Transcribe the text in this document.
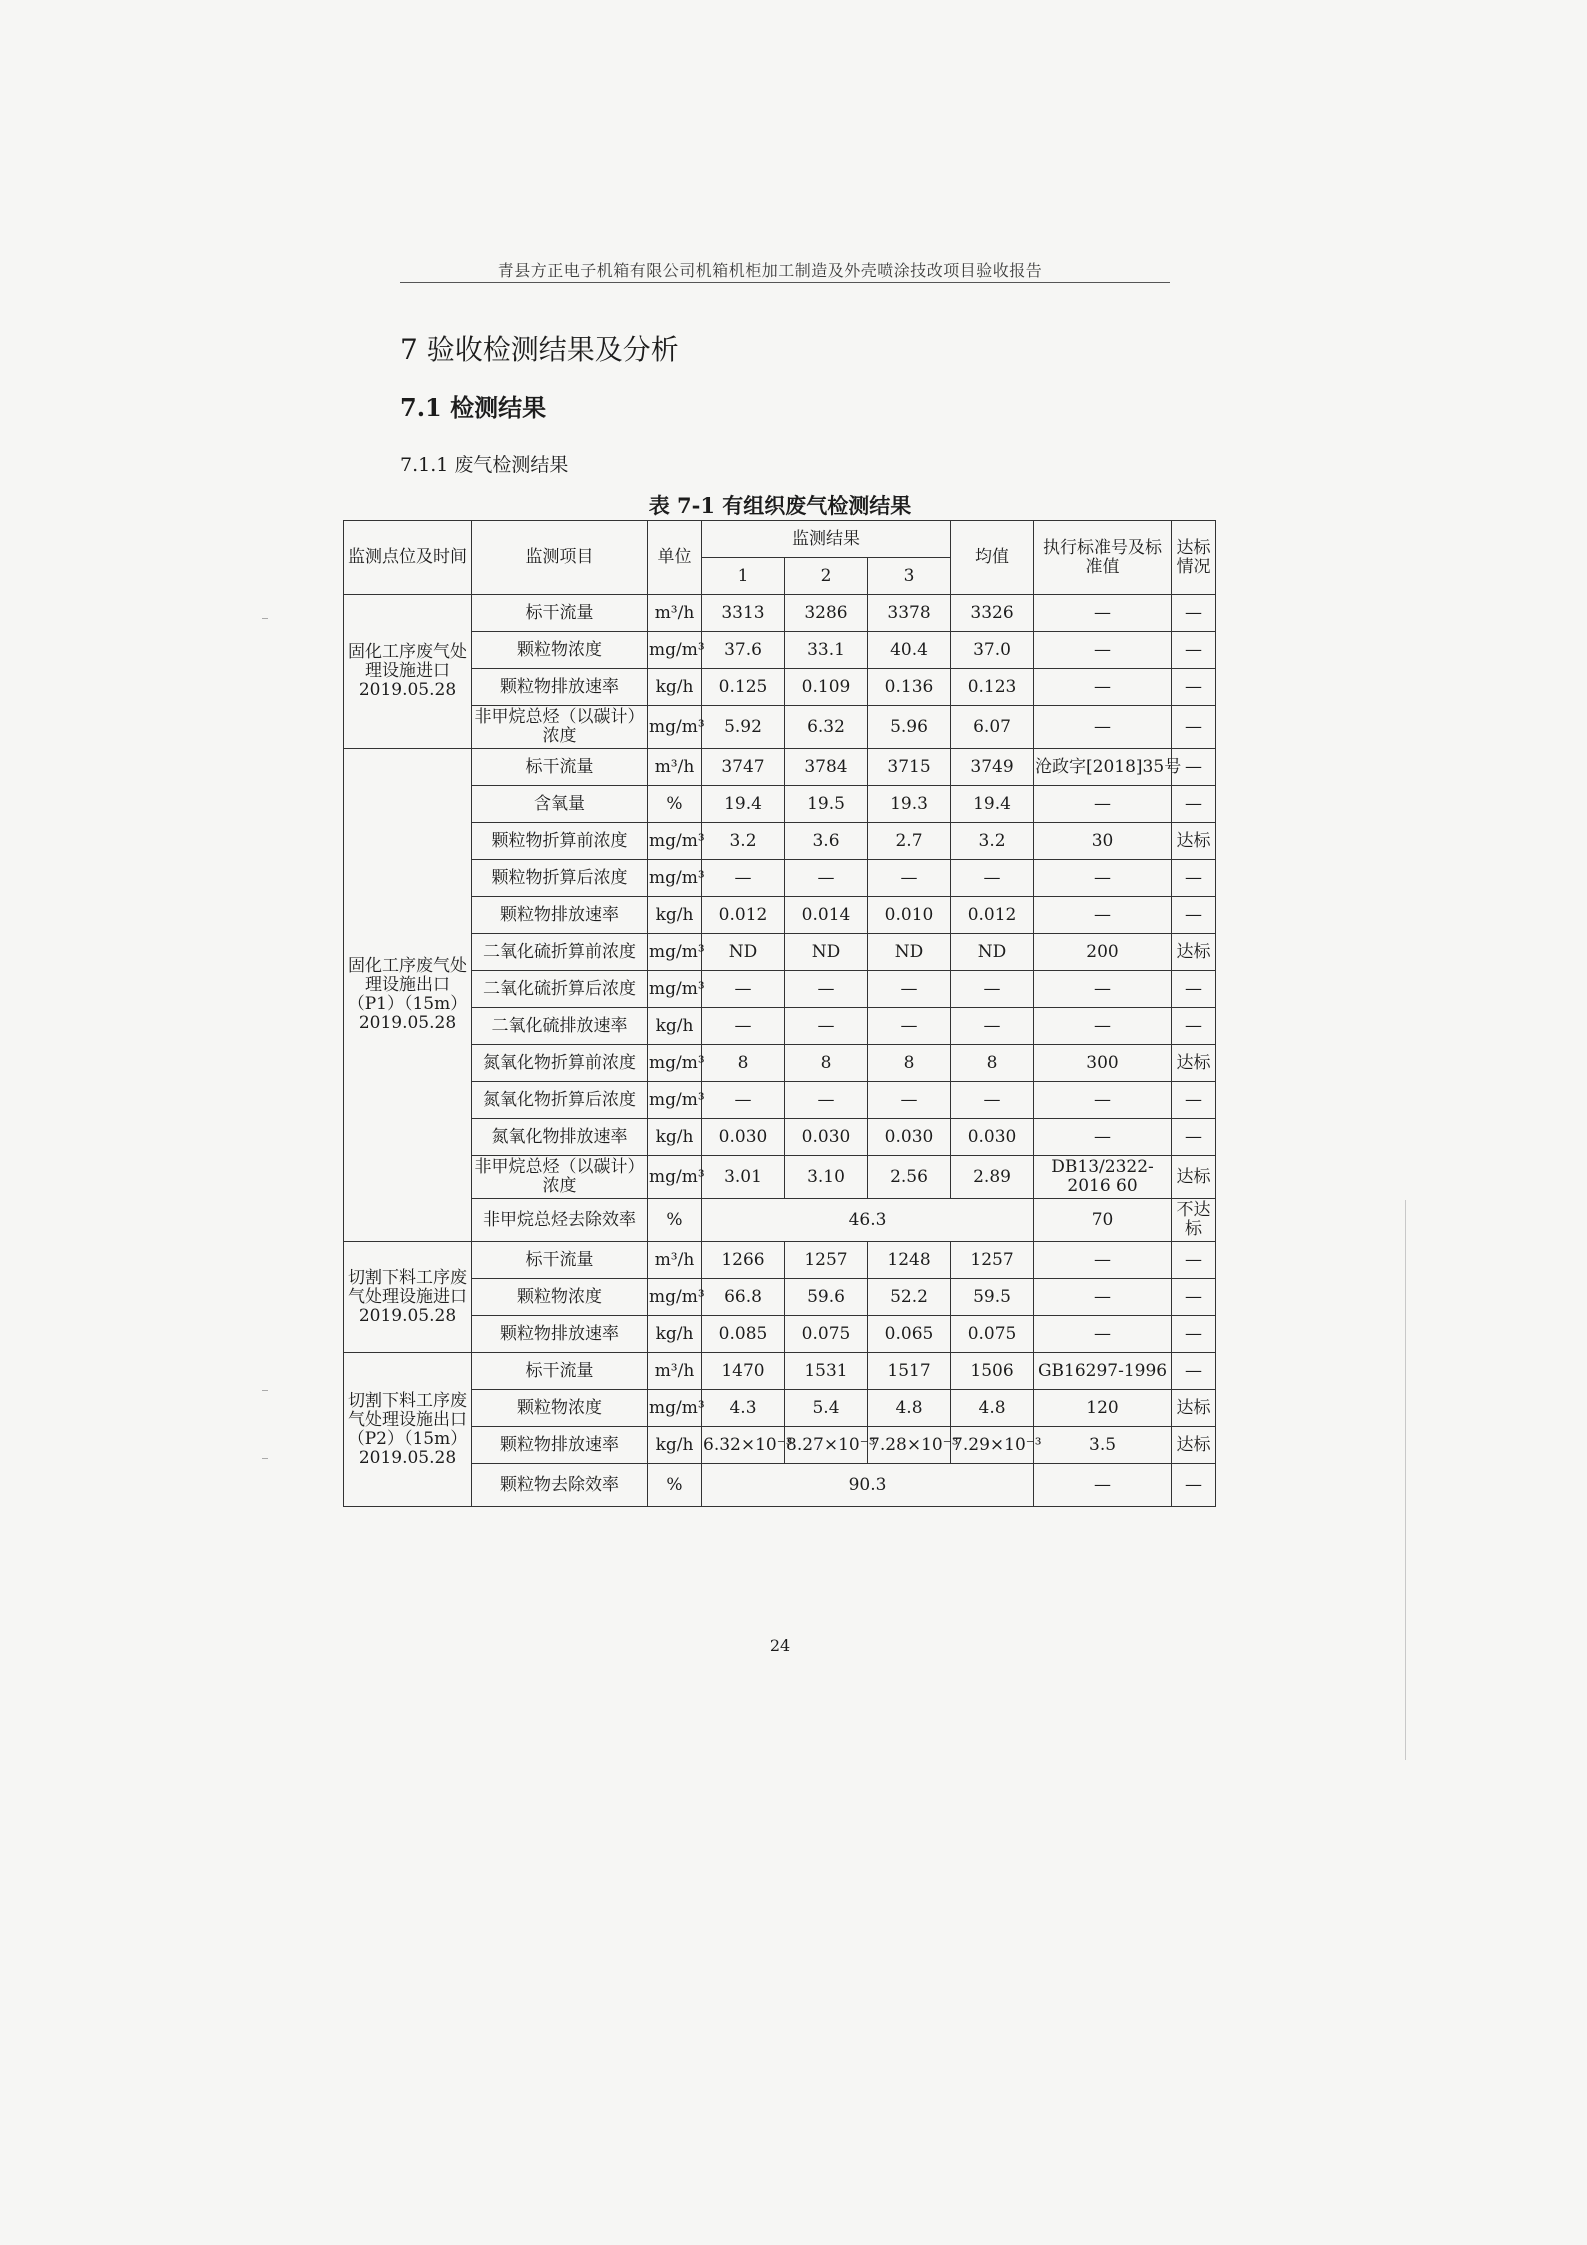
青县方正电子机箱有限公司机箱机柜加工制造及外壳喷涂技改项目验收报告
7 验收检测结果及分析
7.1 检测结果
7.1.1 废气检测结果
表 7-1 有组织废气检测结果
监测点位及时间	监测项目	单位	监测结果			均值	执行标准号及标准值	达标情况
			1	2	3			
固化工序废气处理设施进口2019.05.28	标干流量	m³/h	3313	3286	3378	3326	—	—
	颗粒物浓度	mg/m³	37.6	33.1	40.4	37.0	—	—
	颗粒物排放速率	kg/h	0.125	0.109	0.136	0.123	—	—
	非甲烷总烃（以碳计）浓度	mg/m³	5.92	6.32	5.96	6.07	—	—
固化工序废气处理设施出口（P1）（15m）2019.05.28	标干流量	m³/h	3747	3784	3715	3749	沧政字[2018]35号	—
	含氧量	%	19.4	19.5	19.3	19.4	—	—
	颗粒物折算前浓度	mg/m³	3.2	3.6	2.7	3.2	30	达标
	颗粒物折算后浓度	mg/m³	—	—	—	—	—	—
	颗粒物排放速率	kg/h	0.012	0.014	0.010	0.012	—	—
	二氧化硫折算前浓度	mg/m³	ND	ND	ND	ND	200	达标
	二氧化硫折算后浓度	mg/m³	—	—	—	—	—	—
	二氧化硫排放速率	kg/h	—	—	—	—	—	—
	氮氧化物折算前浓度	mg/m³	8	8	8	8	300	达标
	氮氧化物折算后浓度	mg/m³	—	—	—	—	—	—
	氮氧化物排放速率	kg/h	0.030	0.030	0.030	0.030	—	—
	非甲烷总烃（以碳计）浓度	mg/m³	3.01	3.10	2.56	2.89	DB13/2322-2016 60	达标
	非甲烷总烃去除效率	%	46.3				70	不达标
切割下料工序废气处理设施进口2019.05.28	标干流量	m³/h	1266	1257	1248	1257	—	—
	颗粒物浓度	mg/m³	66.8	59.6	52.2	59.5	—	—
	颗粒物排放速率	kg/h	0.085	0.075	0.065	0.075	—	—
切割下料工序废气处理设施出口（P2）（15m）2019.05.28	标干流量	m³/h	1470	1531	1517	1506	GB16297-1996	—
	颗粒物浓度	mg/m³	4.3	5.4	4.8	4.8	120	达标
	颗粒物排放速率	kg/h	6.32×10⁻³	8.27×10⁻³	7.28×10⁻³	7.29×10⁻³	3.5	达标
	颗粒物去除效率	%	90.3				—	—
24
